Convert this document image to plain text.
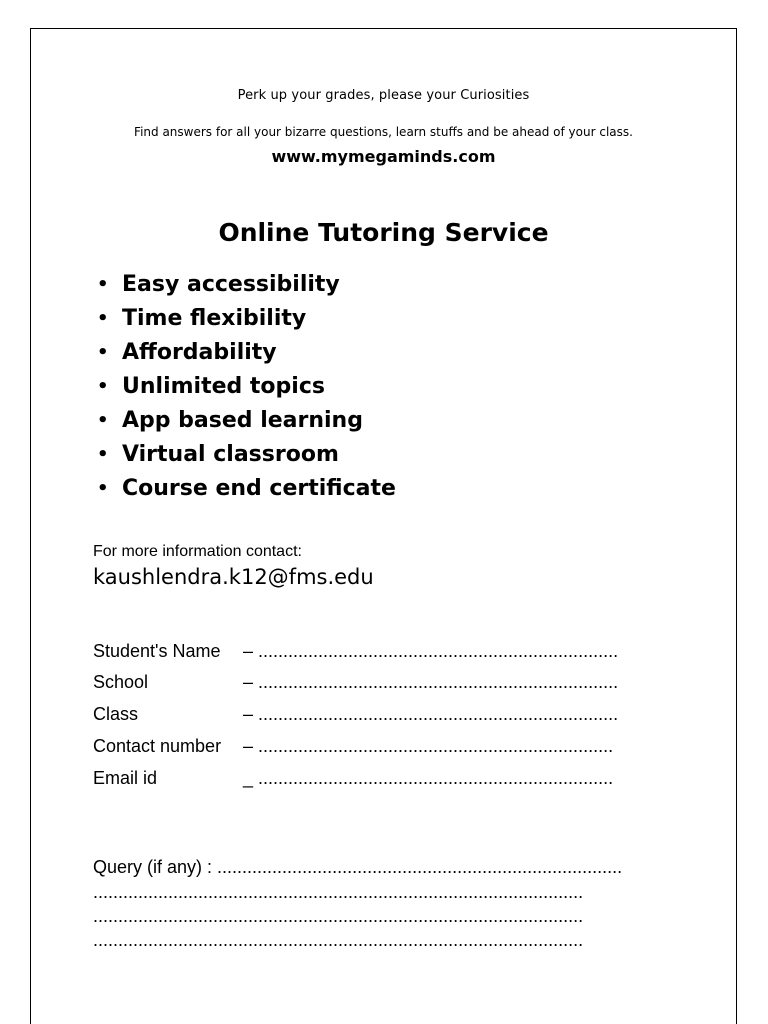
Perk up your grades, please your Curiosities
Find answers for all your bizarre questions, learn stuffs and be ahead of your class.
www.mymegaminds.com
Online Tutoring Service
• Easy accessibility
• Time flexibility
• Affordability
• Unlimited topics
• App based learning
• Virtual classroom
• Course end certificate
For more information contact:
kaushlendra.k12@fms.edu
Student's Name – ........................................................................
School	– ........................................................................
Class	– ........................................................................
Contact number – .......................................................................
Email id	_ .......................................................................
Query (if any) : .................................................................................
..................................................................................................
..................................................................................................
..................................................................................................
